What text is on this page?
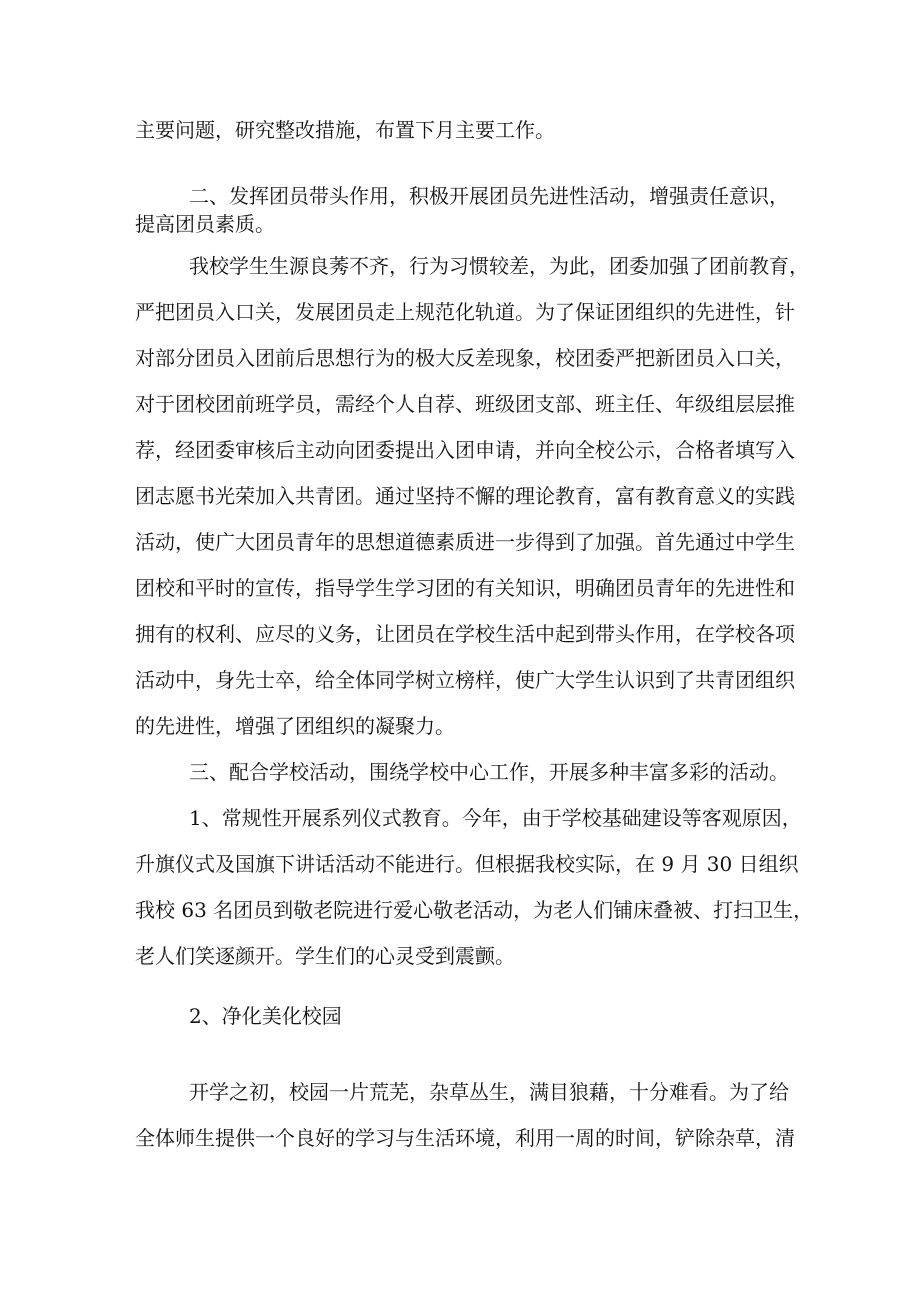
主要问题，研究整改措施，布置下月主要工作。
二、发挥团员带头作用，积极开展团员先进性活动，增强责任意识，
提高团员素质。
我校学生生源良莠不齐，行为习惯较差，为此，团委加强了团前教育，
严把团员入口关，发展团员走上规范化轨道。为了保证团组织的先进性，针
对部分团员入团前后思想行为的极大反差现象，校团委严把新团员入口关，
对于团校团前班学员，需经个人自荐、班级团支部、班主任、年级组层层推
荐，经团委审核后主动向团委提出入团申请，并向全校公示，合格者填写入
团志愿书光荣加入共青团。通过坚持不懈的理论教育，富有教育意义的实践
活动，使广大团员青年的思想道德素质进一步得到了加强。首先通过中学生
团校和平时的宣传，指导学生学习团的有关知识，明确团员青年的先进性和
拥有的权利、应尽的义务，让团员在学校生活中起到带头作用，在学校各项
活动中，身先士卒，给全体同学树立榜样，使广大学生认识到了共青团组织
的先进性，增强了团组织的凝聚力。
三、配合学校活动，围绕学校中心工作，开展多种丰富多彩的活动。
1、常规性开展系列仪式教育。今年，由于学校基础建设等客观原因，
升旗仪式及国旗下讲话活动不能进行。但根据我校实际，在 9 月 30 日组织
我校 63 名团员到敬老院进行爱心敬老活动，为老人们铺床叠被、打扫卫生，
老人们笑逐颜开。学生们的心灵受到震颤。
2、净化美化校园
开学之初，校园一片荒芜，杂草丛生，满目狼藉，十分难看。为了给
全体师生提供一个良好的学习与生活环境，利用一周的时间，铲除杂草，清
